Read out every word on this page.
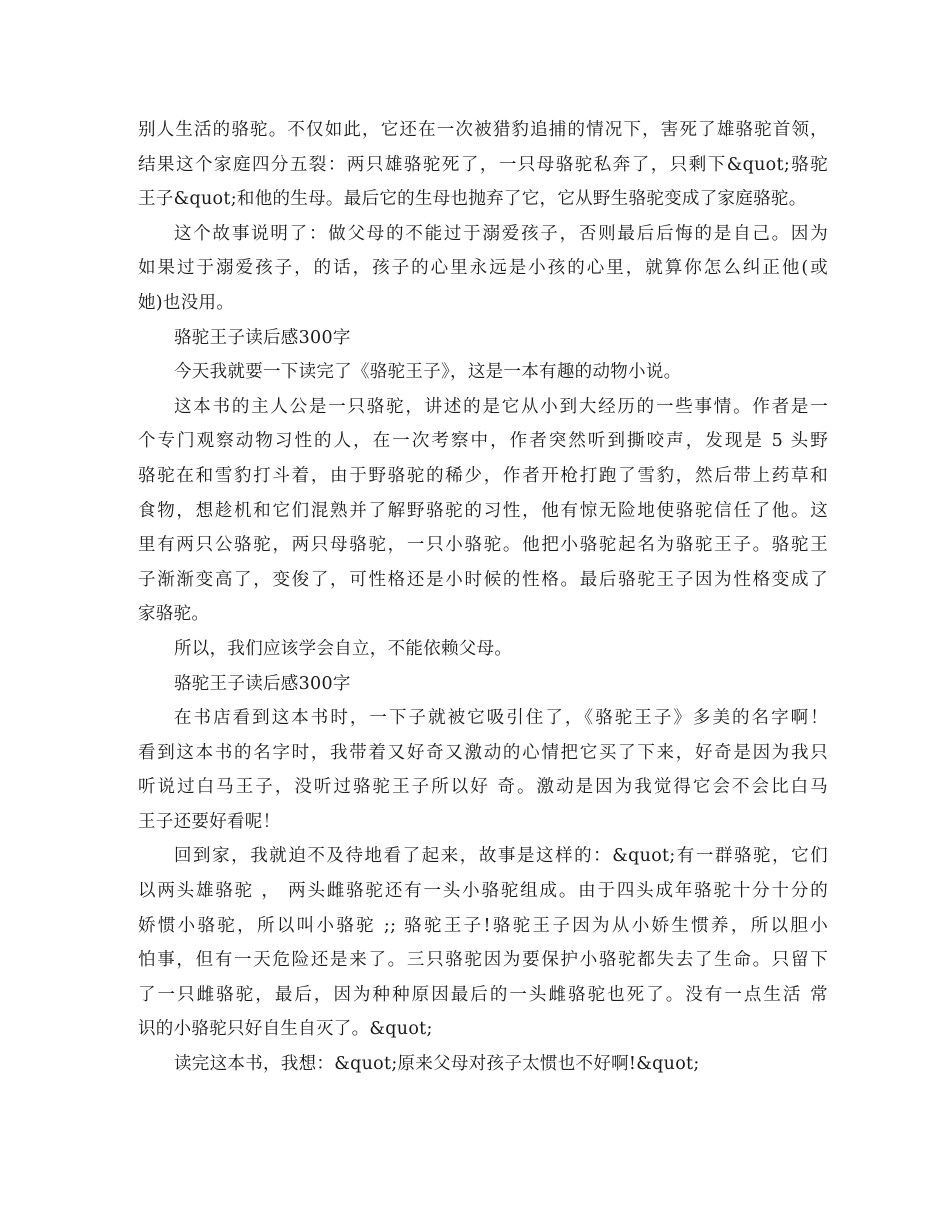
别人生活的骆驼。不仅如此，它还在一次被猎豹追捕的情况下，害死了雄骆驼首领，
结果这个家庭四分五裂：两只雄骆驼死了，一只母骆驼私奔了，只剩下&quot;骆驼
王子&quot;和他的生母。最后它的生母也抛弃了它，它从野生骆驼变成了家庭骆驼。
这个故事说明了：做父母的不能过于溺爱孩子，否则最后后悔的是自己。因为
如果过于溺爱孩子，的话，孩子的心里永远是小孩的心里，就算你怎么纠正他(或
她)也没用。
骆驼王子读后感300字
今天我就要一下读完了《骆驼王子》，这是一本有趣的动物小说。
这本书的主人公是一只骆驼，讲述的是它从小到大经历的一些事情。作者是一
个专门观察动物习性的人，在一次考察中，作者突然听到撕咬声，发现是 5 头野
骆驼在和雪豹打斗着，由于野骆驼的稀少，作者开枪打跑了雪豹，然后带上药草和
食物，想趁机和它们混熟并了解野骆驼的习性，他有惊无险地使骆驼信任了他。这
里有两只公骆驼，两只母骆驼，一只小骆驼。他把小骆驼起名为骆驼王子。骆驼王
子渐渐变高了，变俊了，可性格还是小时候的性格。最后骆驼王子因为性格变成了
家骆驼。
所以，我们应该学会自立，不能依赖父母。
骆驼王子读后感300字
在书店看到这本书时，一下子就被它吸引住了，《骆驼王子》多美的名字啊！
看到这本书的名字时，我带着又好奇又激动的心情把它买了下来，好奇是因为我只
听说过白马王子，没听过骆驼王子所以好 奇。激动是因为我觉得它会不会比白马
王子还要好看呢！
回到家，我就迫不及待地看了起来，故事是这样的：&quot;有一群骆驼，它们
以两头雄骆驼 ， 两头雌骆驼还有一头小骆驼组成。由于四头成年骆驼十分十分的
娇惯小骆驼，所以叫小骆驼 ;; 骆驼王子!骆驼王子因为从小娇生惯养，所以胆小
怕事，但有一天危险还是来了。三只骆驼因为要保护小骆驼都失去了生命。只留下
了一只雌骆驼，最后，因为种种原因最后的一头雌骆驼也死了。没有一点生活 常
识的小骆驼只好自生自灭了。&quot;
读完这本书，我想：&quot;原来父母对孩子太惯也不好啊!&quot;
